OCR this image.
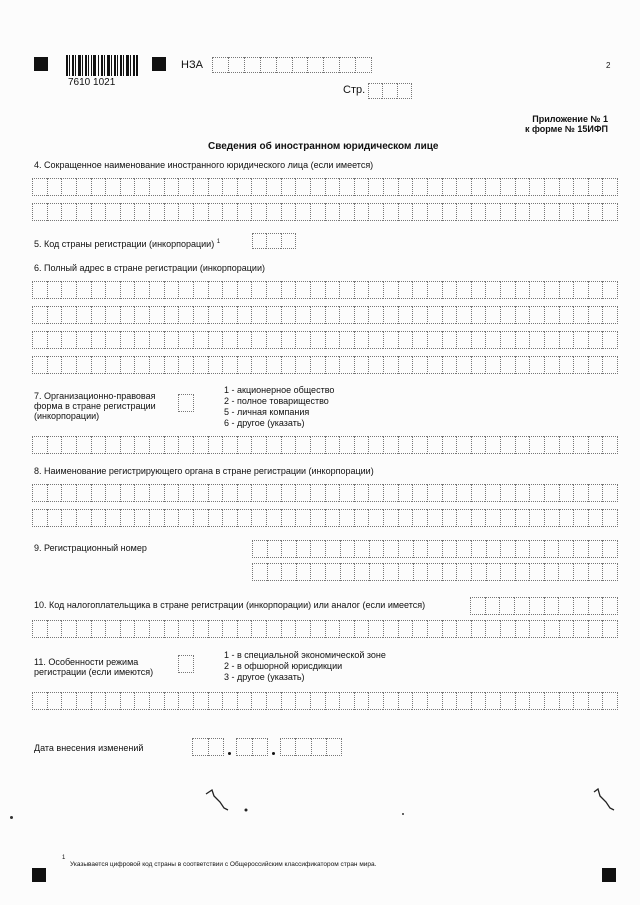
7610 1021
НЗА	2
Стр.
Приложение № 1
к форме № 15ИФП
Сведения об иностранном юридическом лице
4. Сокращенное наименование иностранного юридического лица (если имеется)
5. Код страны регистрации (инкорпорации) $^1$
6. Полный адрес в стране регистрации (инкорпорации)
7. Организационно-правовая
форма в стране регистрации
(инкорпорации)
1 - акционерное общество
2 - полное товарищество
5 - личная компания
6 - другое (указать)
8. Наименование регистрирующего органа в стране регистрации (инкорпорации)
9. Регистрационный номер
10. Код налогоплательщика в стране регистрации (инкорпорации) или аналог (если имеется)
11. Особенности режима
регистрации (если имеются)
1 - в специальной экономической зоне
2 - в офшорной юрисдикции
3 - другое (указать)
Дата внесения изменений
1
Указывается цифровой код страны в соответствии с Общероссийским классификатором стран мира.
